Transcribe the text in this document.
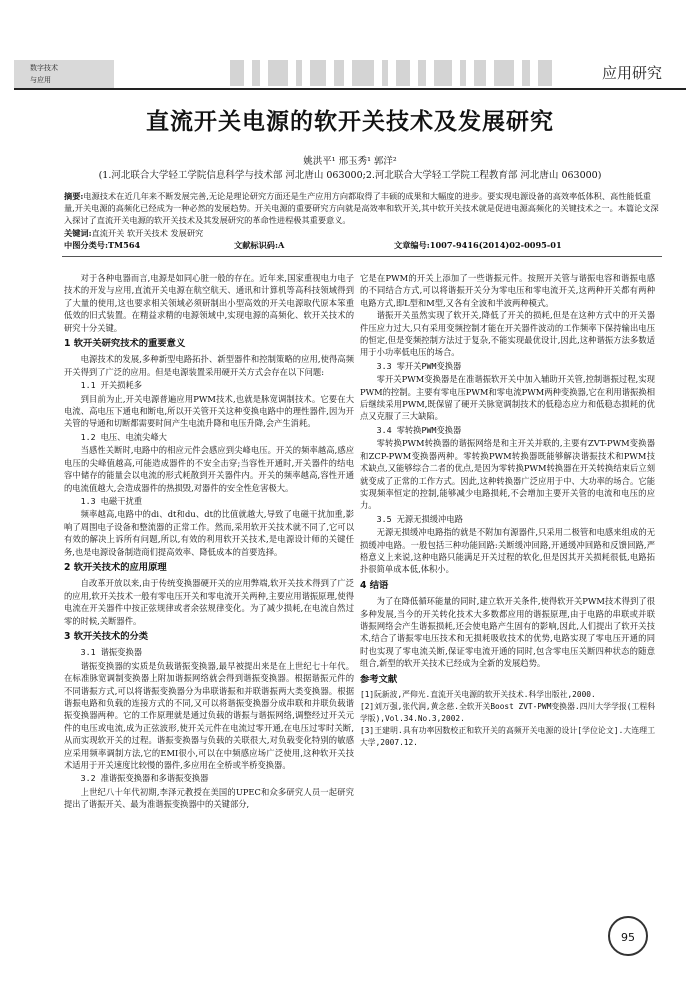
数字技术
与应用	应用研究
直流开关电源的软开关技术及发展研究
姚洪平¹ 邢玉秀¹ 郭洋²
(1.河北联合大学轻工学院信息科学与技术部 河北唐山 063000;2.河北联合大学轻工学院工程教育部 河北唐山 063000)
摘要:电源技术在近几年来不断发展完善,无论是理论研究方面还是生产应用方向都取得了丰硕的成果和大幅度的进步。要实现电源设备的高效率低体积、高性能低重量,开关电源的高频化已经成为一种必然的发展趋势。开关电源的重要研究方向就是高效率和软开关,其中软开关技术就是促进电源高频化的关键技术之一。本篇论文深入探讨了直流开关电源的软开关技术及其发展研究的革命性进程极其重要意义。
关键词:直流开关 软开关技术 发展研究
中图分类号:TM564	文献标识码:A	文章编号:1007-9416(2014)02-0095-01

对于各种电器而言,电源是如同心脏一般的存在。近年来,国家重视电力电子技术的开发与应用,直流开关电源在航空航天、通讯和计算机等高科技领域得到了大量的使用,这也要求相关领域必须研制出小型高效的开关电源取代原本笨重低效的旧式装置。在精益求精的电源领域中,实现电源的高频化、软开关技术的研究十分关键。

1 软开关研究技术的重要意义

电源技术的发展,多种新型电路拓扑、新型器件和控制策略的应用,使得高频开关得到了广泛的应用。但是电源装置采用硬开关方式会存在以下问题:

1.1 开关损耗多

到目前为止,开关电源普遍应用PWM技术,也就是脉宽调制技术。它要在大电流、高电压下通电和断电,所以开关管开关这种变换电路中的理性器件,因为开关管的导通和切断都需要时间产生电流升降和电压升降,会产生消耗。

1.2 电压、电流尖峰大

当感性关断时,电路中的相应元件会感应到尖峰电压。开关的频率越高,感应电压的尖峰值越高,可能造成器件的不安全击穿;当容性开通时,开关器件的结电容中储存的能量会以电流的形式耗散到开关器件内。开关的频率越高,容性开通的电流值越大,会造成器件的热损毁,对器件的安全性危害极大。

1.3 电磁干扰重

频率越高,电路中的di、dt和du、dt的比值就越大,导致了电磁干扰加重,影响了周围电子设备和整流器的正常工作。然而,采用软开关技术就不同了,它可以有效的解决上诉所有问题,所以,有效的利用软开关技术,是电源设计师的关键任务,也是电源设备制造商们提高效率、降低成本的首要选择。

2 软开关技术的应用原理

自改革开放以来,由于传统变换器硬开关的应用弊端,软开关技术得到了广泛的应用,软开关技术一般有零电压开关和零电流开关两种,主要应用谐振原理,使得电流在开关器件中按正弦规律或者余弦规律变化。为了减少损耗,在电流自然过零的时候,关断器件。

3 软开关技术的分类
3.1 谐振变换器

谐振变换器的实质是负载谐振变换器,最早被提出来是在上世纪七十年代。在标准脉宽调制变换器上附加谐振网络就会得到谐振变换器。根据谐振元件的不同谐振方式,可以将谐振变换器分为串联谐振和并联谐振两大类变换器。根据谐振电路和负载的连接方式的不同,又可以将谐振变换器分成串联和并联负载谐振变换器两种。它的工作原理就是通过负载的谐振与谐振网络,调整经过开关元件的电压或电流,成为正弦波形,使开关元件在电流过零开通,在电压过零时关断,从而实现软开关的过程。谐振变换器与负载的关联很大,对负载变化特别的敏感应采用频率调制方法,它的EMI很小,可以在中频感应场广泛使用,这种软开关技术适用于开关速度比较慢的器件,多应用在全桥或半桥变换器。

3.2 准谐振变换器和多谐振变换器

上世纪八十年代初期,李泽元教授在美国的UPEC和众多研究人员一起研究提出了谐振开关、最为准谐振变换器中的关键部分,

它是在PWM的开关上添加了一些谐振元件。按照开关管与谐振电容和谐振电感的不同结合方式,可以将谐振开关分为零电压和零电流开关,这两种开关都有两种电路方式,即L型和M型,又各有全波和半波两种模式。

谐振开关虽然实现了软开关,降低了开关的损耗,但是在这种方式中的开关器件压应力过大,只有采用变频控制才能在开关器件波动的工作频率下保持输出电压的恒定,但是变频控制方法过于复杂,不能实现最优设计,因此,这种谐振方法多数适用于小功率低电压的场合。

3.3 零开关PWM变换器

零开关PWM变换器是在准谐振软开关中加入辅助开关管,控制谐振过程,实现PWM的控制。主要有零电压PWM和零电流PWM两种变换器,它在利用谐振换相后继续采用PWM,既保留了硬开关脉宽调制技术的低稳态应力和低稳态损耗的优点又克服了三大缺陷。

3.4 零转换PWM变换器

零转换PWM转换器的谐振网络是和主开关并联的,主要有ZVT-PWM变换器和ZCP-PWM变换器两种。零转换PWM转换器既能够解决谐振技术和PWM技术缺点,又能够综合二者的优点,是因为零转换PWM转换器在开关转换结束后立刻就变成了正常的工作方式。因此,这种转换器广泛应用于中、大功率的场合。它能实现频率恒定的控制,能够减少电路损耗,不会增加主要开关管的电流和电压的应力。

3.5 无源无损缓冲电路

无源无损缓冲电路指的就是不附加有源器件,只采用二极管和电感来组成的无损缓冲电路。一般包括三种功能回路:关断缓冲回路,开通缓冲回路和反馈回路,严格意义上来说,这种电路只能满足开关过程的软化,但是因其开关损耗很低,电路拓扑很简单成本低,体积小。

4 结语

为了在降低循环能量的同时,建立软开关条件,使得软开关PWM技术得到了很多种发展,当今的开关转化技术大多数都应用的谐振原理,由于电路的串联或并联谐振网络会产生谐振损耗,还会使电路产生固有的影响,因此,人们提出了软开关技术,结合了谐振零电压技术和无损耗吸收技术的优势,电路实现了零电压开通的同时也实现了零电流关断,保证零电流开通的同时,包含零电压关断四种状态的随意组合,新型的软开关技术已经成为全新的发展趋势。

参考文献

[1]阮新波,严仰光.直流开关电源的软开关技术.科学出版社,2000.

[2]刘万强,张代润,黄念慈.全软开关Boost ZVT-PWM变换器.四川大学学报(工程科学版),Vol.34.No.3,2002.

[3]王建明.具有功率因数校正和软开关的高频开关电源的设计[学位论文].大连理工大学,2007.12.

95
